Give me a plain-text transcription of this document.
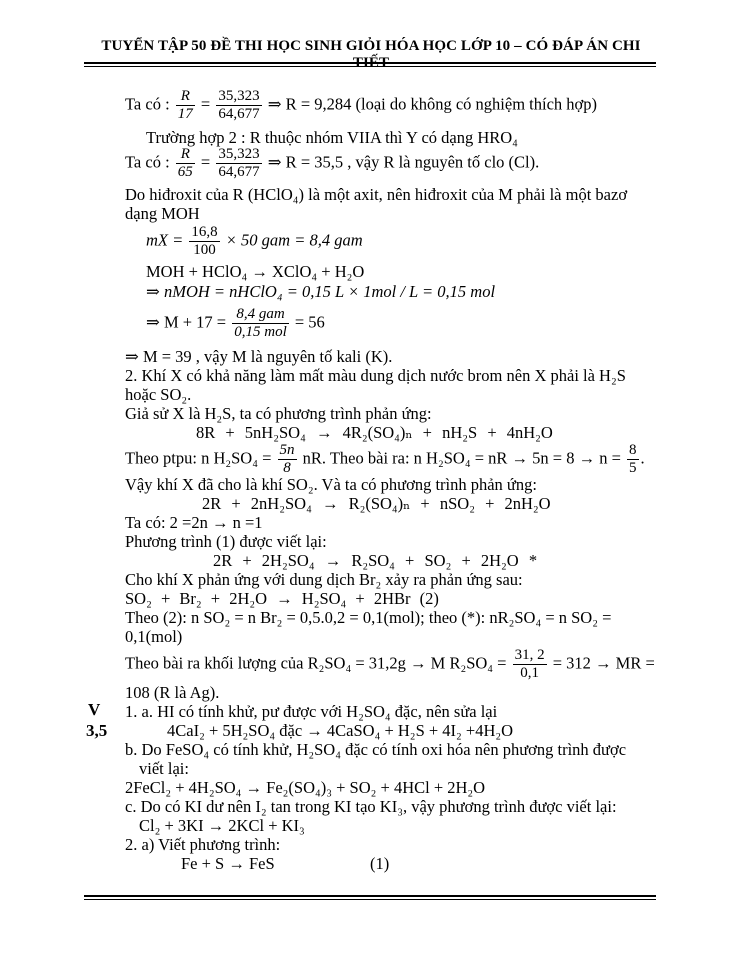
TUYỂN TẬP 50 ĐỀ THI HỌC SINH GIỎI HÓA HỌC LỚP 10 – CÓ ĐÁP ÁN CHI TIẾT
V
3,5
Ta có : $\frac{R}{17} = \frac{35,323}{64,677}$ ⇒ R = 9,284 (loại do không có nghiệm thích hợp)
Trường hợp 2 : R thuộc nhóm VIIA thì Y có dạng HRO₄
Ta có : $\frac{R}{65} = \frac{35,323}{64,677}$ ⇒ R = 35,5 , vậy R là nguyên tố clo (Cl).
Do hiđroxit của R (HClO₄) là một axit, nên hiđroxit của M phải là một bazơ
dạng MOH
mX = $\frac{16,8}{100} \times 50$ gam = 8,4 gam
MOH + HClO₄ → XClO₄ + H₂O
⇒ nMOH = nHClO₄ = 0,15 L × 1mol / L = 0,15 mol
⇒ $M + 17 = \frac{\text{8,4 gam}}{\text{0,15 mol}} = 56$
⇒ M = 39 , vậy M là nguyên tố kali (K).
2. Khí X có khả năng làm mất màu dung dịch nước brom nên X phải là H₂S
hoặc SO₂.
Giả sử X là H₂S, ta có phương trình phản ứng:
8R + 5nH₂SO₄ → 4R₂(SO₄)ₙ + nH₂S + 4nH₂O
Theo ptpu: n $H_2SO_4 = \frac{5n}{8}$ nR. Theo bài ra: n H₂SO₄ = nR → $5n = 8 \to n = \frac{8}{5}$ .
Vậy khí X đã cho là khí SO₂. Và ta có phương trình phản ứng:
2R + 2nH₂SO₄ → R₂(SO₄)ₙ + nSO₂ + 2nH₂O
Ta có: 2 =2n → n =1
Phương trình (1) được viết lại:
2R + 2H₂SO₄ → R₂SO₄ + SO₂ + 2H₂O *
Cho khí X phản ứng với dung dịch Br₂ xảy ra phản ứng sau:
SO₂ + Br₂ + 2H₂O → H₂SO₄ + 2HBr (2)
Theo (2): n SO₂ = n Br₂ = 0,5.0,2 = 0,1(mol); theo (*): nR₂SO₄ = n SO₂ =
0,1(mol)
Theo bài ra khối lượng của R₂SO₄ = 31,2g → M $R_2SO_4 = \frac{31, 2}{0,1} = 312$ → MR =
108 (R là Ag).
1. a. HI có tính khử, pư được với H₂SO₄ đặc, nên sửa lại
4CaI₂ + 5H₂SO₄ đặc → 4CaSO₄ + H₂S + 4I₂ +4H₂O
b. Do FeSO₄ có tính khử, H₂SO₄ đặc có tính oxi hóa nên phương trình được
viết lại:
2FeCl₂ + 4H₂SO₄ → Fe₂(SO₄)₃ + SO₂ + 4HCl + 2H₂O
c. Do có KI dư nên I₂ tan trong KI tạo KI₃, vậy phương trình được viết lại:
Cl₂ + 3KI → 2KCl + KI₃
2. a) Viết phương trình:
Fe + S → FeS	(1)
